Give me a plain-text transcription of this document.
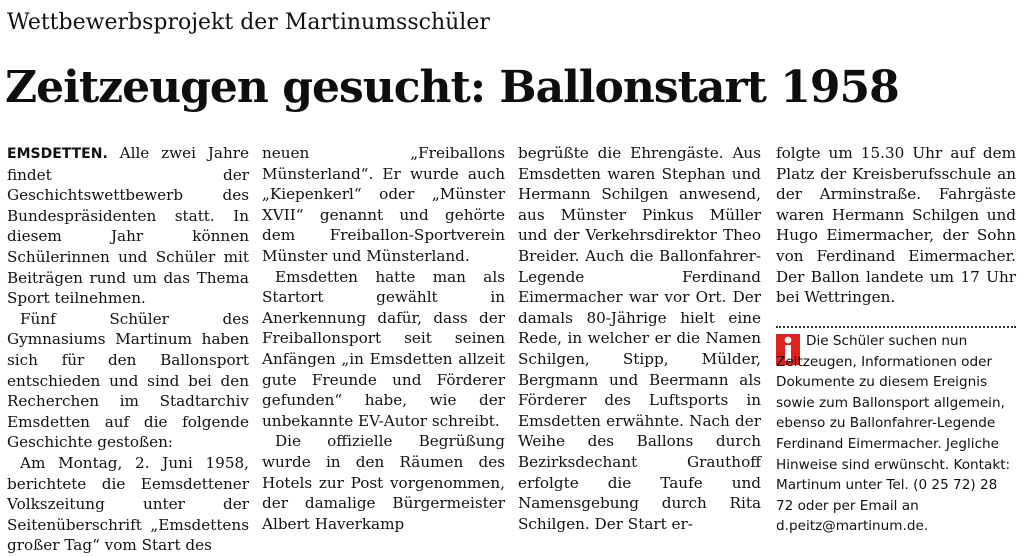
Wettbewerbsprojekt der Martinumsschüler
Zeitzeugen gesucht: Ballonstart 1958

EMSDETTEN. Alle zwei Jahre findet der Geschichtswettbewerb des Bundespräsidenten statt. In diesem Jahr können Schülerinnen und Schüler mit Beiträgen rund um das Thema Sport teilnehmen.

Fünf Schüler des Gymnasiums Martinum haben sich für den Ballonsport entschieden und sind bei den Recherchen im Stadtarchiv Emsdetten auf die folgende Geschichte gestoßen:

Am Montag, 2. Juni 1958, berichtete die Eemsdettener Volkszeitung unter der Seitenüberschrift „Emsdettens großer Tag“ vom Start des

neuen „Freiballons Münsterland“. Er wurde auch „Kiepenkerl“ oder „Münster XVII“ genannt und gehörte dem Freiballon-Sportverein Münster und Münsterland.

Emsdetten hatte man als Startort gewählt in Anerkennung dafür, dass der Freiballonsport seit seinen Anfängen „in Emsdetten allzeit gute Freunde und Förderer gefunden“ habe, wie der unbekannte EV-Autor schreibt.

Die offizielle Begrüßung wurde in den Räumen des Hotels zur Post vorgenommen, der damalige Bürgermeister Albert Haverkamp

begrüßte die Ehrengäste. Aus Emsdetten waren Stephan und Hermann Schilgen anwesend, aus Münster Pinkus Müller und der Verkehrsdirektor Theo Breider. Auch die Ballonfahrer-Legende Ferdinand Eimermacher war vor Ort. Der damals 80-Jährige hielt eine Rede, in welcher er die Namen Schilgen, Stipp, Mülder, Bergmann und Beermann als Förderer des Luftsports in Emsdetten erwähnte. Nach der Weihe des Ballons durch Bezirksdechant Grauthoff erfolgte die Taufe und Namensgebung durch Rita Schilgen. Der Start er-

folgte um 15.30 Uhr auf dem Platz der Kreisberufsschule an der Arminstraße. Fahrgäste waren Hermann Schilgen und Hugo Eimermacher, der Sohn von Ferdinand Eimermacher. Der Ballon landete um 17 Uhr bei Wettringen.

Die Schüler suchen nun Zeitzeugen, Informationen oder Dokumente zu diesem Ereignis sowie zum Ballonsport allgemein, ebenso zu Ballonfahrer-Legende Ferdinand Eimermacher. Jegliche Hinweise sind erwünscht. Kontakt: Martinum unter Tel. (0 25 72) 28 72 oder per Email an d.peitz@martinum.de.
